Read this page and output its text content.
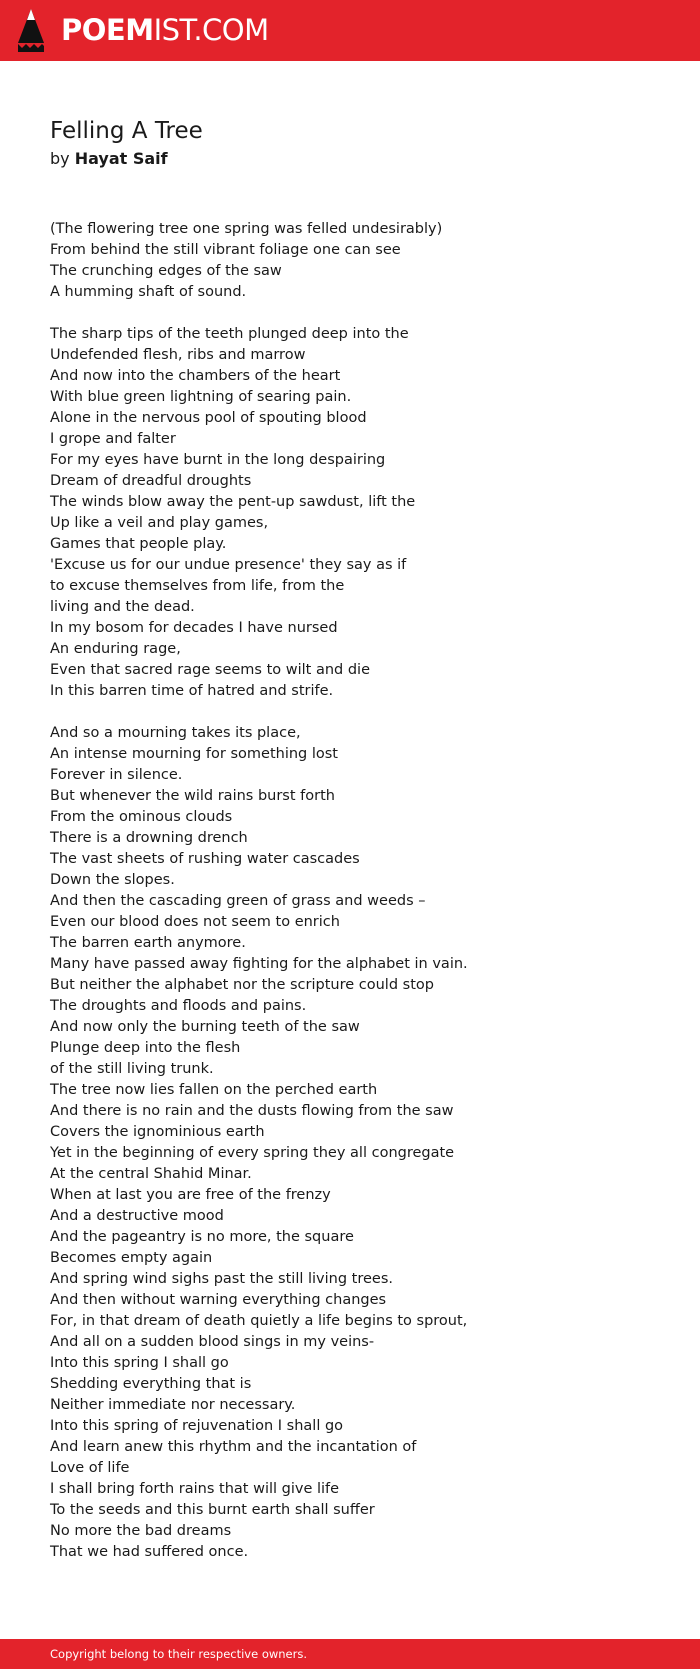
POEMIST.COM
Felling A Tree
by Hayat Saif
(The flowering tree one spring was felled undesirably)
From behind the still vibrant foliage one can see
The crunching edges of the saw
A humming shaft of sound.
The sharp tips of the teeth plunged deep into the
Undefended flesh, ribs and marrow
And now into the chambers of the heart
With blue green lightning of searing pain.
Alone in the nervous pool of spouting blood
I grope and falter
For my eyes have burnt in the long despairing
Dream of dreadful droughts
The winds blow away the pent-up sawdust, lift the
Up like a veil and play games,
Games that people play.
'Excuse us for our undue presence' they say as if
to excuse themselves from life, from the
living and the dead.
In my bosom for decades I have nursed
An enduring rage,
Even that sacred rage seems to wilt and die
In this barren time of hatred and strife.
And so a mourning takes its place,
An intense mourning for something lost
Forever in silence.
But whenever the wild rains burst forth
From the ominous clouds
There is a drowning drench
The vast sheets of rushing water cascades
Down the slopes.
And then the cascading green of grass and weeds –
Even our blood does not seem to enrich
The barren earth anymore.
Many have passed away fighting for the alphabet in vain.
But neither the alphabet nor the scripture could stop
The droughts and floods and pains.
And now only the burning teeth of the saw
Plunge deep into the flesh
of the still living trunk.
The tree now lies fallen on the perched earth
And there is no rain and the dusts flowing from the saw
Covers the ignominious earth
Yet in the beginning of every spring they all congregate
At the central Shahid Minar.
When at last you are free of the frenzy
And a destructive mood
And the pageantry is no more, the square
Becomes empty again
And spring wind sighs past the still living trees.
And then without warning everything changes
For, in that dream of death quietly a life begins to sprout,
And all on a sudden blood sings in my veins-
Into this spring I shall go
Shedding everything that is
Neither immediate nor necessary.
Into this spring of rejuvenation I shall go
And learn anew this rhythm and the incantation of
Love of life
I shall bring forth rains that will give life
To the seeds and this burnt earth shall suffer
No more the bad dreams
That we had suffered once.
Copyright belong to their respective owners.
